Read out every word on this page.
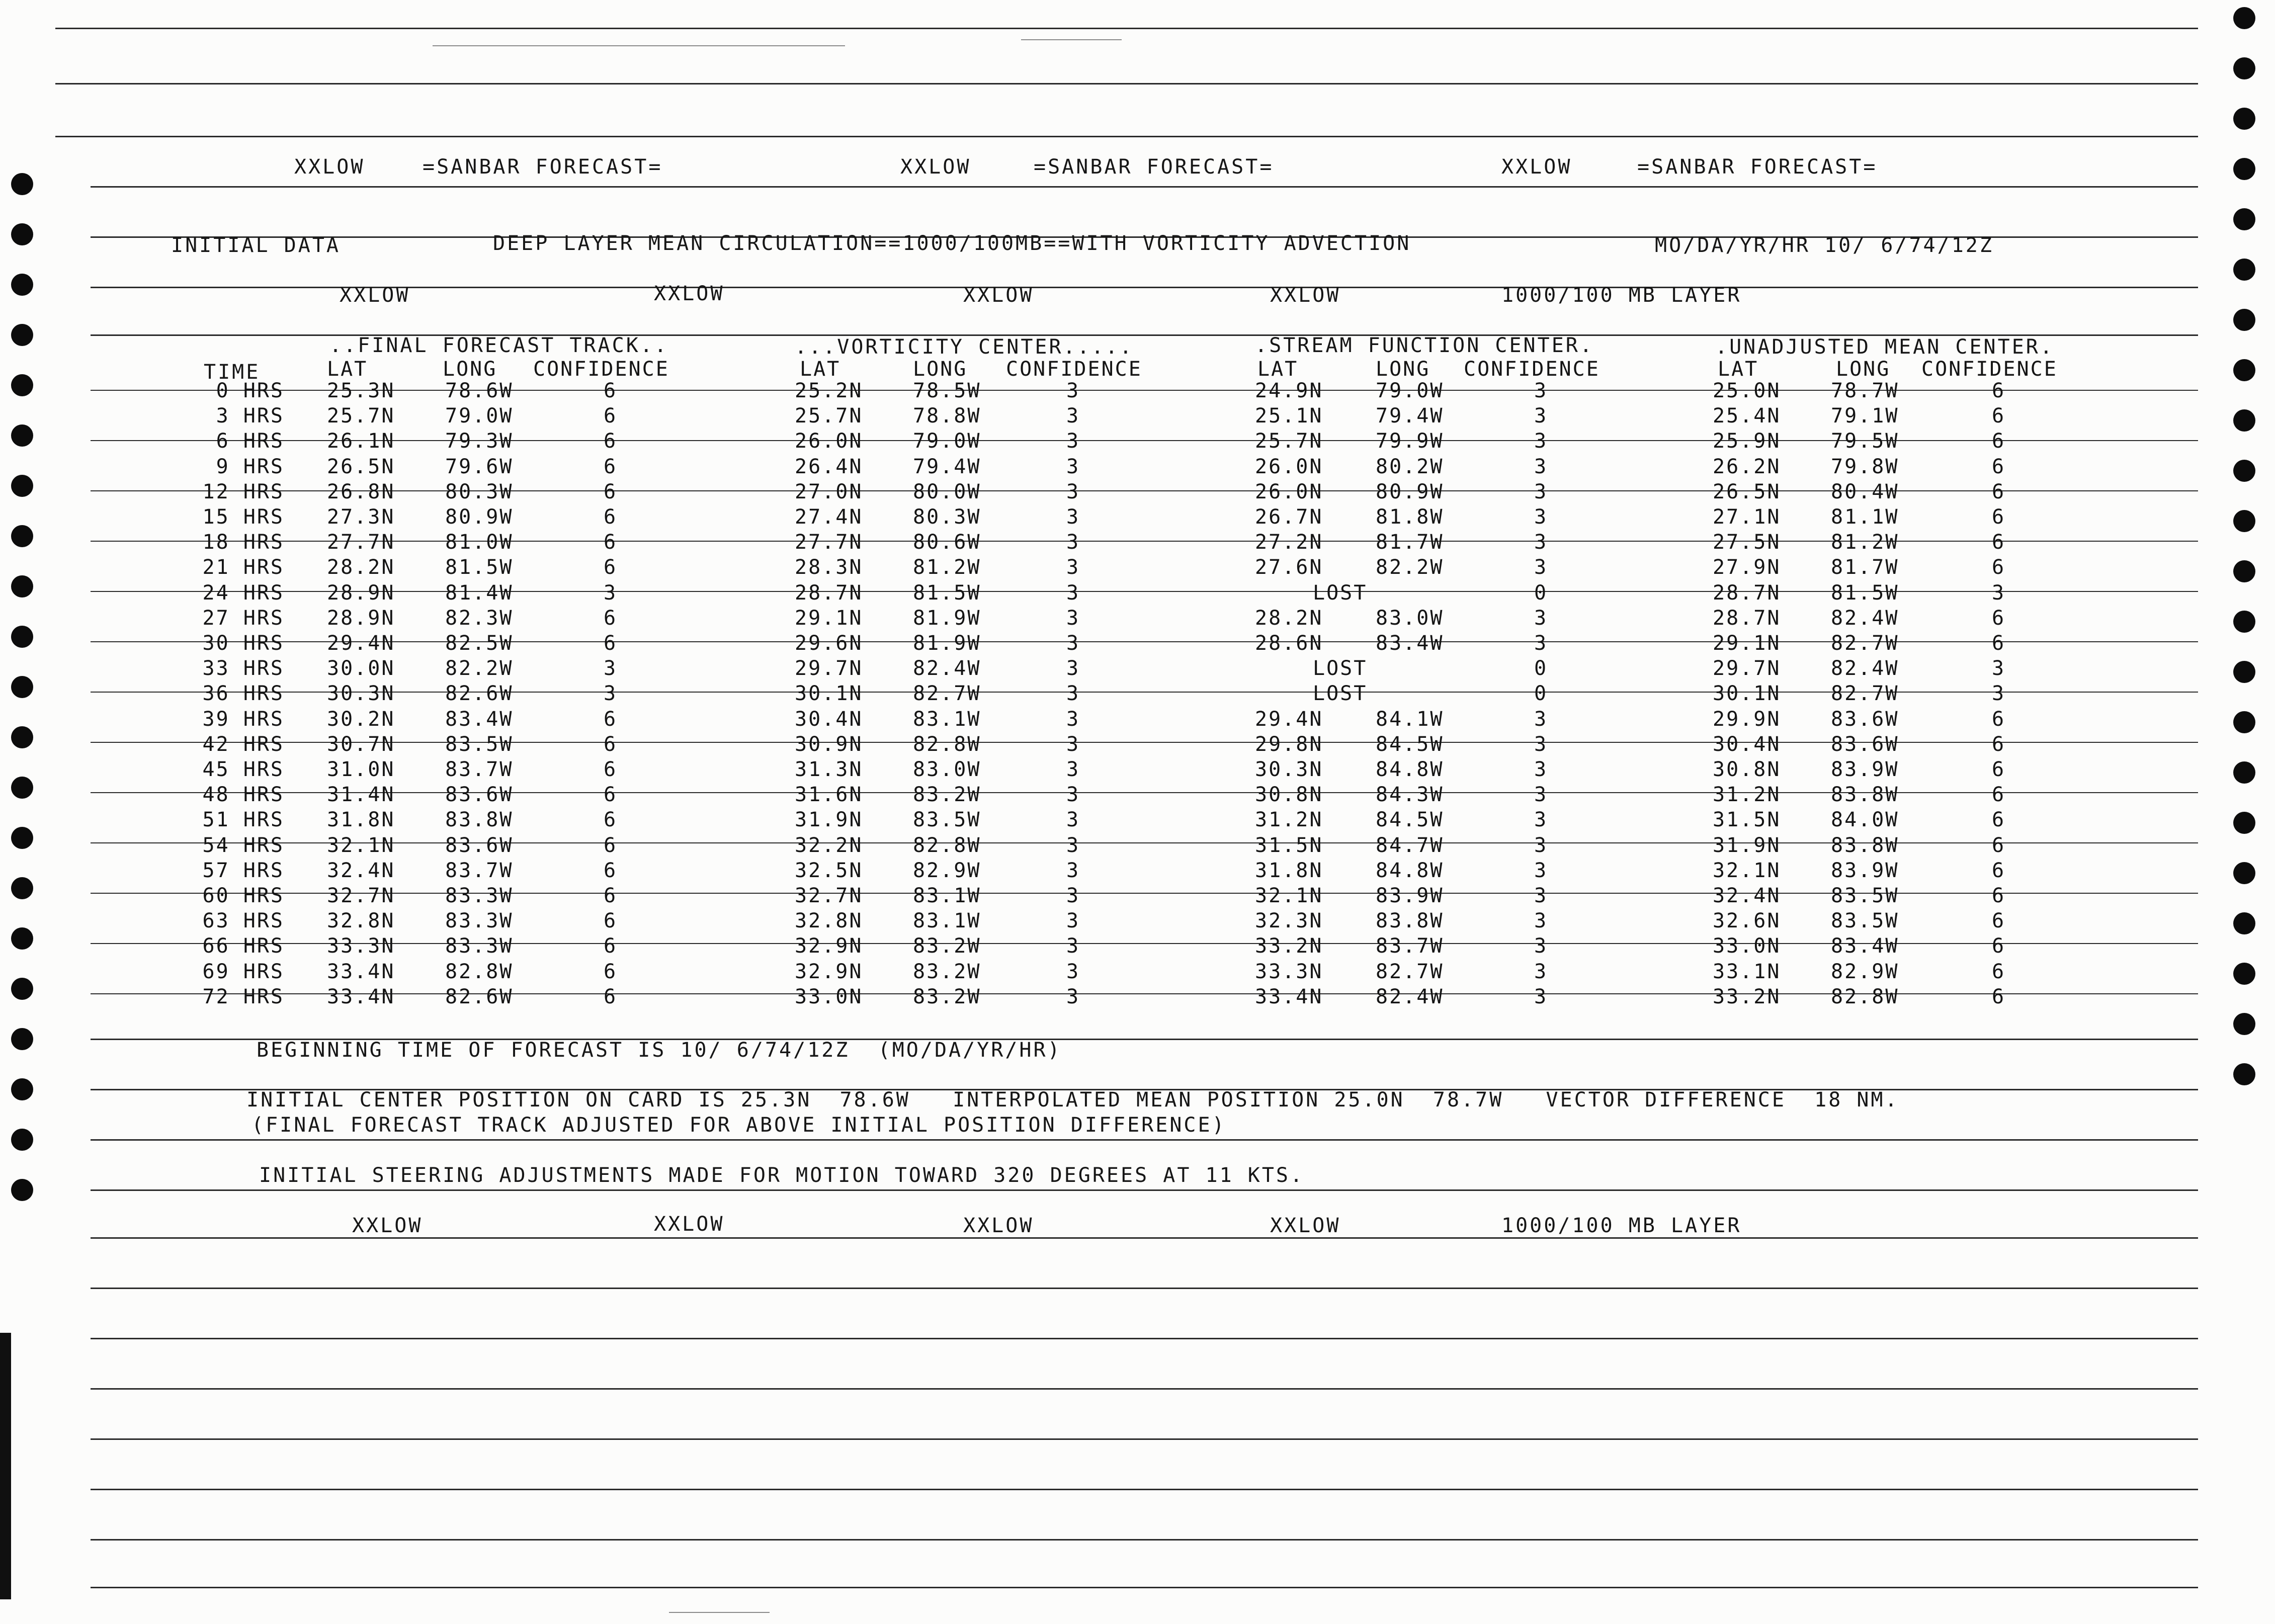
XXLOW	=SANBAR FORECAST=	XXLOW	=SANBAR FORECAST=	XXLOW	=SANBAR FORECAST=
INITIAL DATA	DEEP LAYER MEAN CIRCULATION==1000/100MB==WITH VORTICITY ADVECTION	MO/DA/YR/HR 10/ 6/74/12Z
XXLOW	XXLOW	XXLOW	XXLOW	1000/100 MB LAYER
..FINAL FORECAST TRACK..	...VORTICITY CENTER.....	.STREAM FUNCTION CENTER.	.UNADJUSTED MEAN CENTER.
TIME	LAT	LONG CONFIDENCE	LAT	LONG CONFIDENCE	LAT	LONG CONFIDENCE	LAT	LONG CONFIDENCE
0 HRS 25.3N 78.6W	6	25.2N 78.5W	3	24.9N	79.0W	3	25.0N 78.7W	6
3 HRS 25.7N 79.0W	6	25.7N 78.8W	3	25.1N	79.4W	3	25.4N 79.1W	6
6 HRS 26.1N 79.3W	6	26.0N 79.0W	3	25.7N	79.9W	3	25.9N 79.5W	6
9 HRS 26.5N 79.6W	6	26.4N 79.4W	3	26.0N	80.2W	3	26.2N 79.8W	6
12 HRS 26.8N 80.3W	6	27.0N 80.0W	3	26.0N	80.9W	3	26.5N 80.4W	6
15 HRS 27.3N 80.9W	6	27.4N 80.3W	3	26.7N	81.8W	3	27.1N 81.1W	6
18 HRS 27.7N 81.0W	6	27.7N 80.6W	3	27.2N	81.7W	3	27.5N 81.2W	6
21 HRS 28.2N 81.5W	6	28.3N 81.2W	3	27.6N	82.2W	3	27.9N 81.7W	6
24 HRS 28.9N 81.4W	3	28.7N 81.5W	3	LOST	0	28.7N 81.5W	3
27 HRS 28.9N 82.3W	6	29.1N 81.9W	3	28.2N	83.0W	3	28.7N 82.4W	6
30 HRS 29.4N 82.5W	6	29.6N 81.9W	3	28.6N	83.4W	3	29.1N 82.7W	6
33 HRS 30.0N 82.2W	3	29.7N 82.4W	3	LOST	0	29.7N 82.4W	3
36 HRS 30.3N 82.6W	3	30.1N 82.7W	3	LOST	0	30.1N 82.7W	3
39 HRS 30.2N 83.4W	6	30.4N 83.1W	3	29.4N	84.1W	3	29.9N 83.6W	6
42 HRS 30.7N 83.5W	6	30.9N 82.8W	3	29.8N	84.5W	3	30.4N 83.6W	6
45 HRS 31.0N 83.7W	6	31.3N 83.0W	3	30.3N	84.8W	3	30.8N 83.9W	6
48 HRS 31.4N 83.6W	6	31.6N 83.2W	3	30.8N	84.3W	3	31.2N 83.8W	6
51 HRS 31.8N 83.8W	6	31.9N 83.5W	3	31.2N	84.5W	3	31.5N 84.0W	6
54 HRS 32.1N 83.6W	6	32.2N 82.8W	3	31.5N	84.7W	3	31.9N 83.8W	6
57 HRS 32.4N 83.7W	6	32.5N 82.9W	3	31.8N	84.8W	3	32.1N 83.9W	6
60 HRS 32.7N 83.3W	6	32.7N 83.1W	3	32.1N	83.9W	3	32.4N 83.5W	6
63 HRS 32.8N 83.3W	6	32.8N 83.1W	3	32.3N	83.8W	3	32.6N 83.5W	6
66 HRS 33.3N 83.3W	6	32.9N 83.2W	3	33.2N	83.7W	3	33.0N 83.4W	6
69 HRS 33.4N 82.8W	6	32.9N 83.2W	3	33.3N	82.7W	3	33.1N 82.9W	6
72 HRS 33.4N 82.6W	6	33.0N 83.2W	3	33.4N	82.4W	3	33.2N 82.8W	6
BEGINNING TIME OF FORECAST IS 10/ 6/74/12Z  (MO/DA/YR/HR)
INITIAL CENTER POSITION ON CARD IS 25.3N  78.6W   INTERPOLATED MEAN POSITION 25.0N  78.7W   VECTOR DIFFERENCE  18 NM.
(FINAL FORECAST TRACK ADJUSTED FOR ABOVE INITIAL POSITION DIFFERENCE)
INITIAL STEERING ADJUSTMENTS MADE FOR MOTION TOWARD 320 DEGREES AT 11 KTS.
XXLOW	XXLOW	XXLOW	XXLOW	1000/100 MB LAYER
